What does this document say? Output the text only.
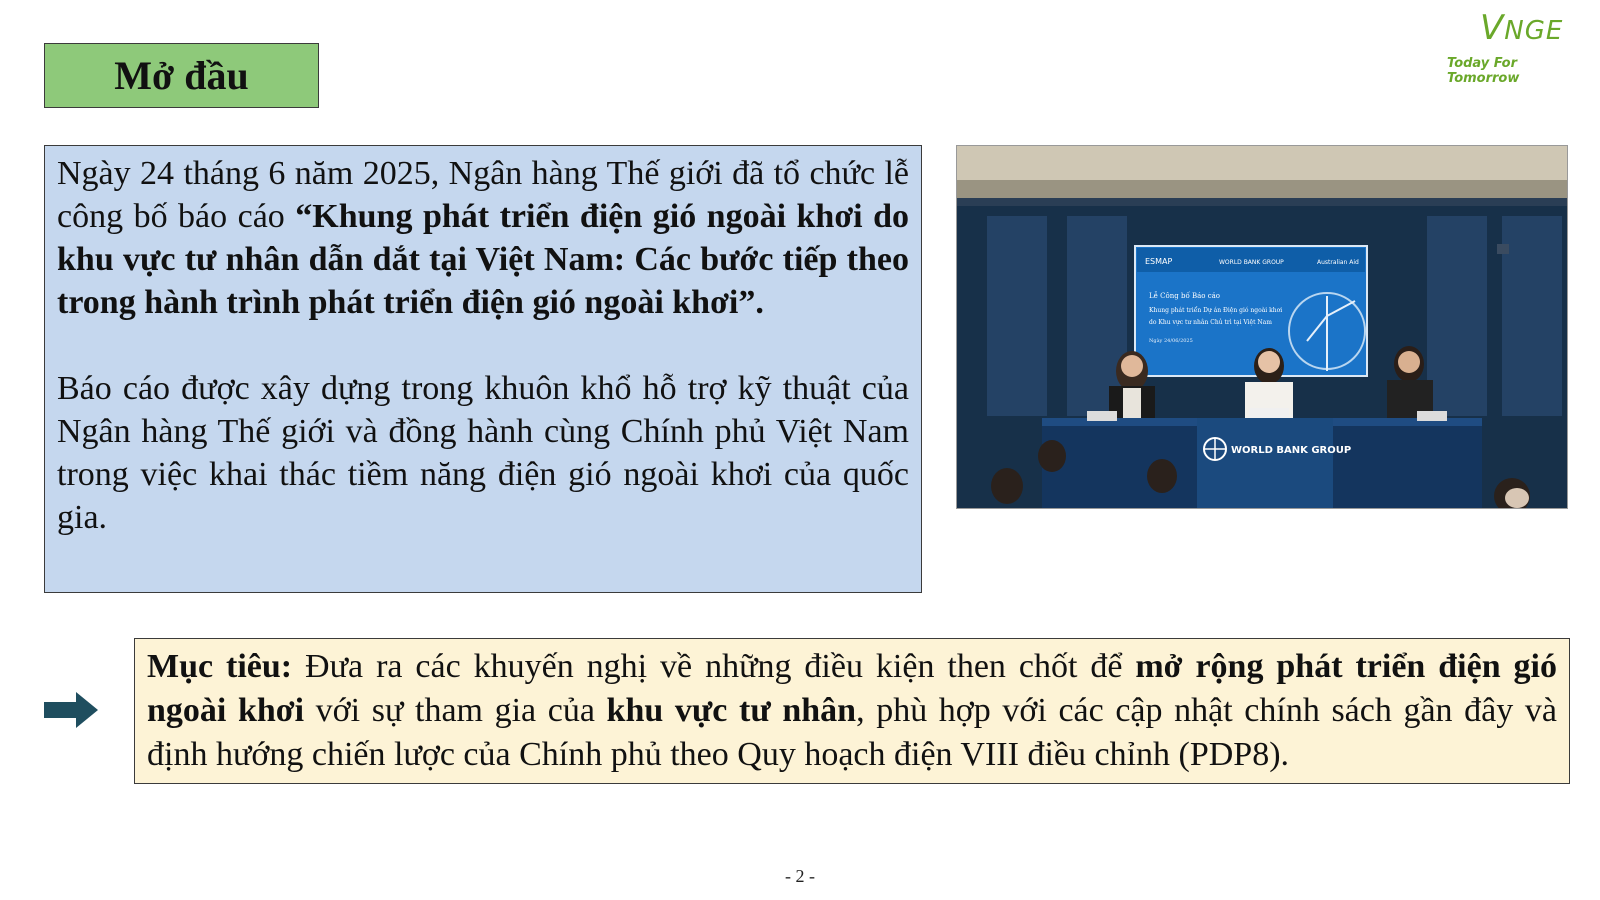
Mở đầu
VNGE
Today For Tomorrow

Ngày 24 tháng 6 năm 2025, Ngân hàng Thế giới đã tổ chức lễ công bố báo cáo “Khung phát triển điện gió ngoài khơi do khu vực tư nhân dẫn dắt tại Việt Nam: Các bước tiếp theo trong hành trình phát triển điện gió ngoài khơi”.

Báo cáo được xây dựng trong khuôn khổ hỗ trợ kỹ thuật của Ngân hàng Thế giới và đồng hành cùng Chính phủ Việt Nam trong việc khai thác tiềm năng điện gió ngoài khơi của quốc gia.

ESMAP	WORLD BANK GROUP	Australian Aid
Lễ Công bố Báo cáo
Khung phát triển Dự án Điện gió ngoài khơi
do Khu vực tư nhân Chủ trì tại Việt Nam
Ngày 24/06/2025
WORLD BANK GROUP
Mục tiêu: Đưa ra các khuyến nghị về những điều kiện then chốt để mở rộng phát triển điện gió ngoài khơi với sự tham gia của khu vực tư nhân, phù hợp với các cập nhật chính sách gần đây và định hướng chiến lược của Chính phủ theo Quy hoạch điện VIII điều chỉnh (PDP8).
- 2 -
